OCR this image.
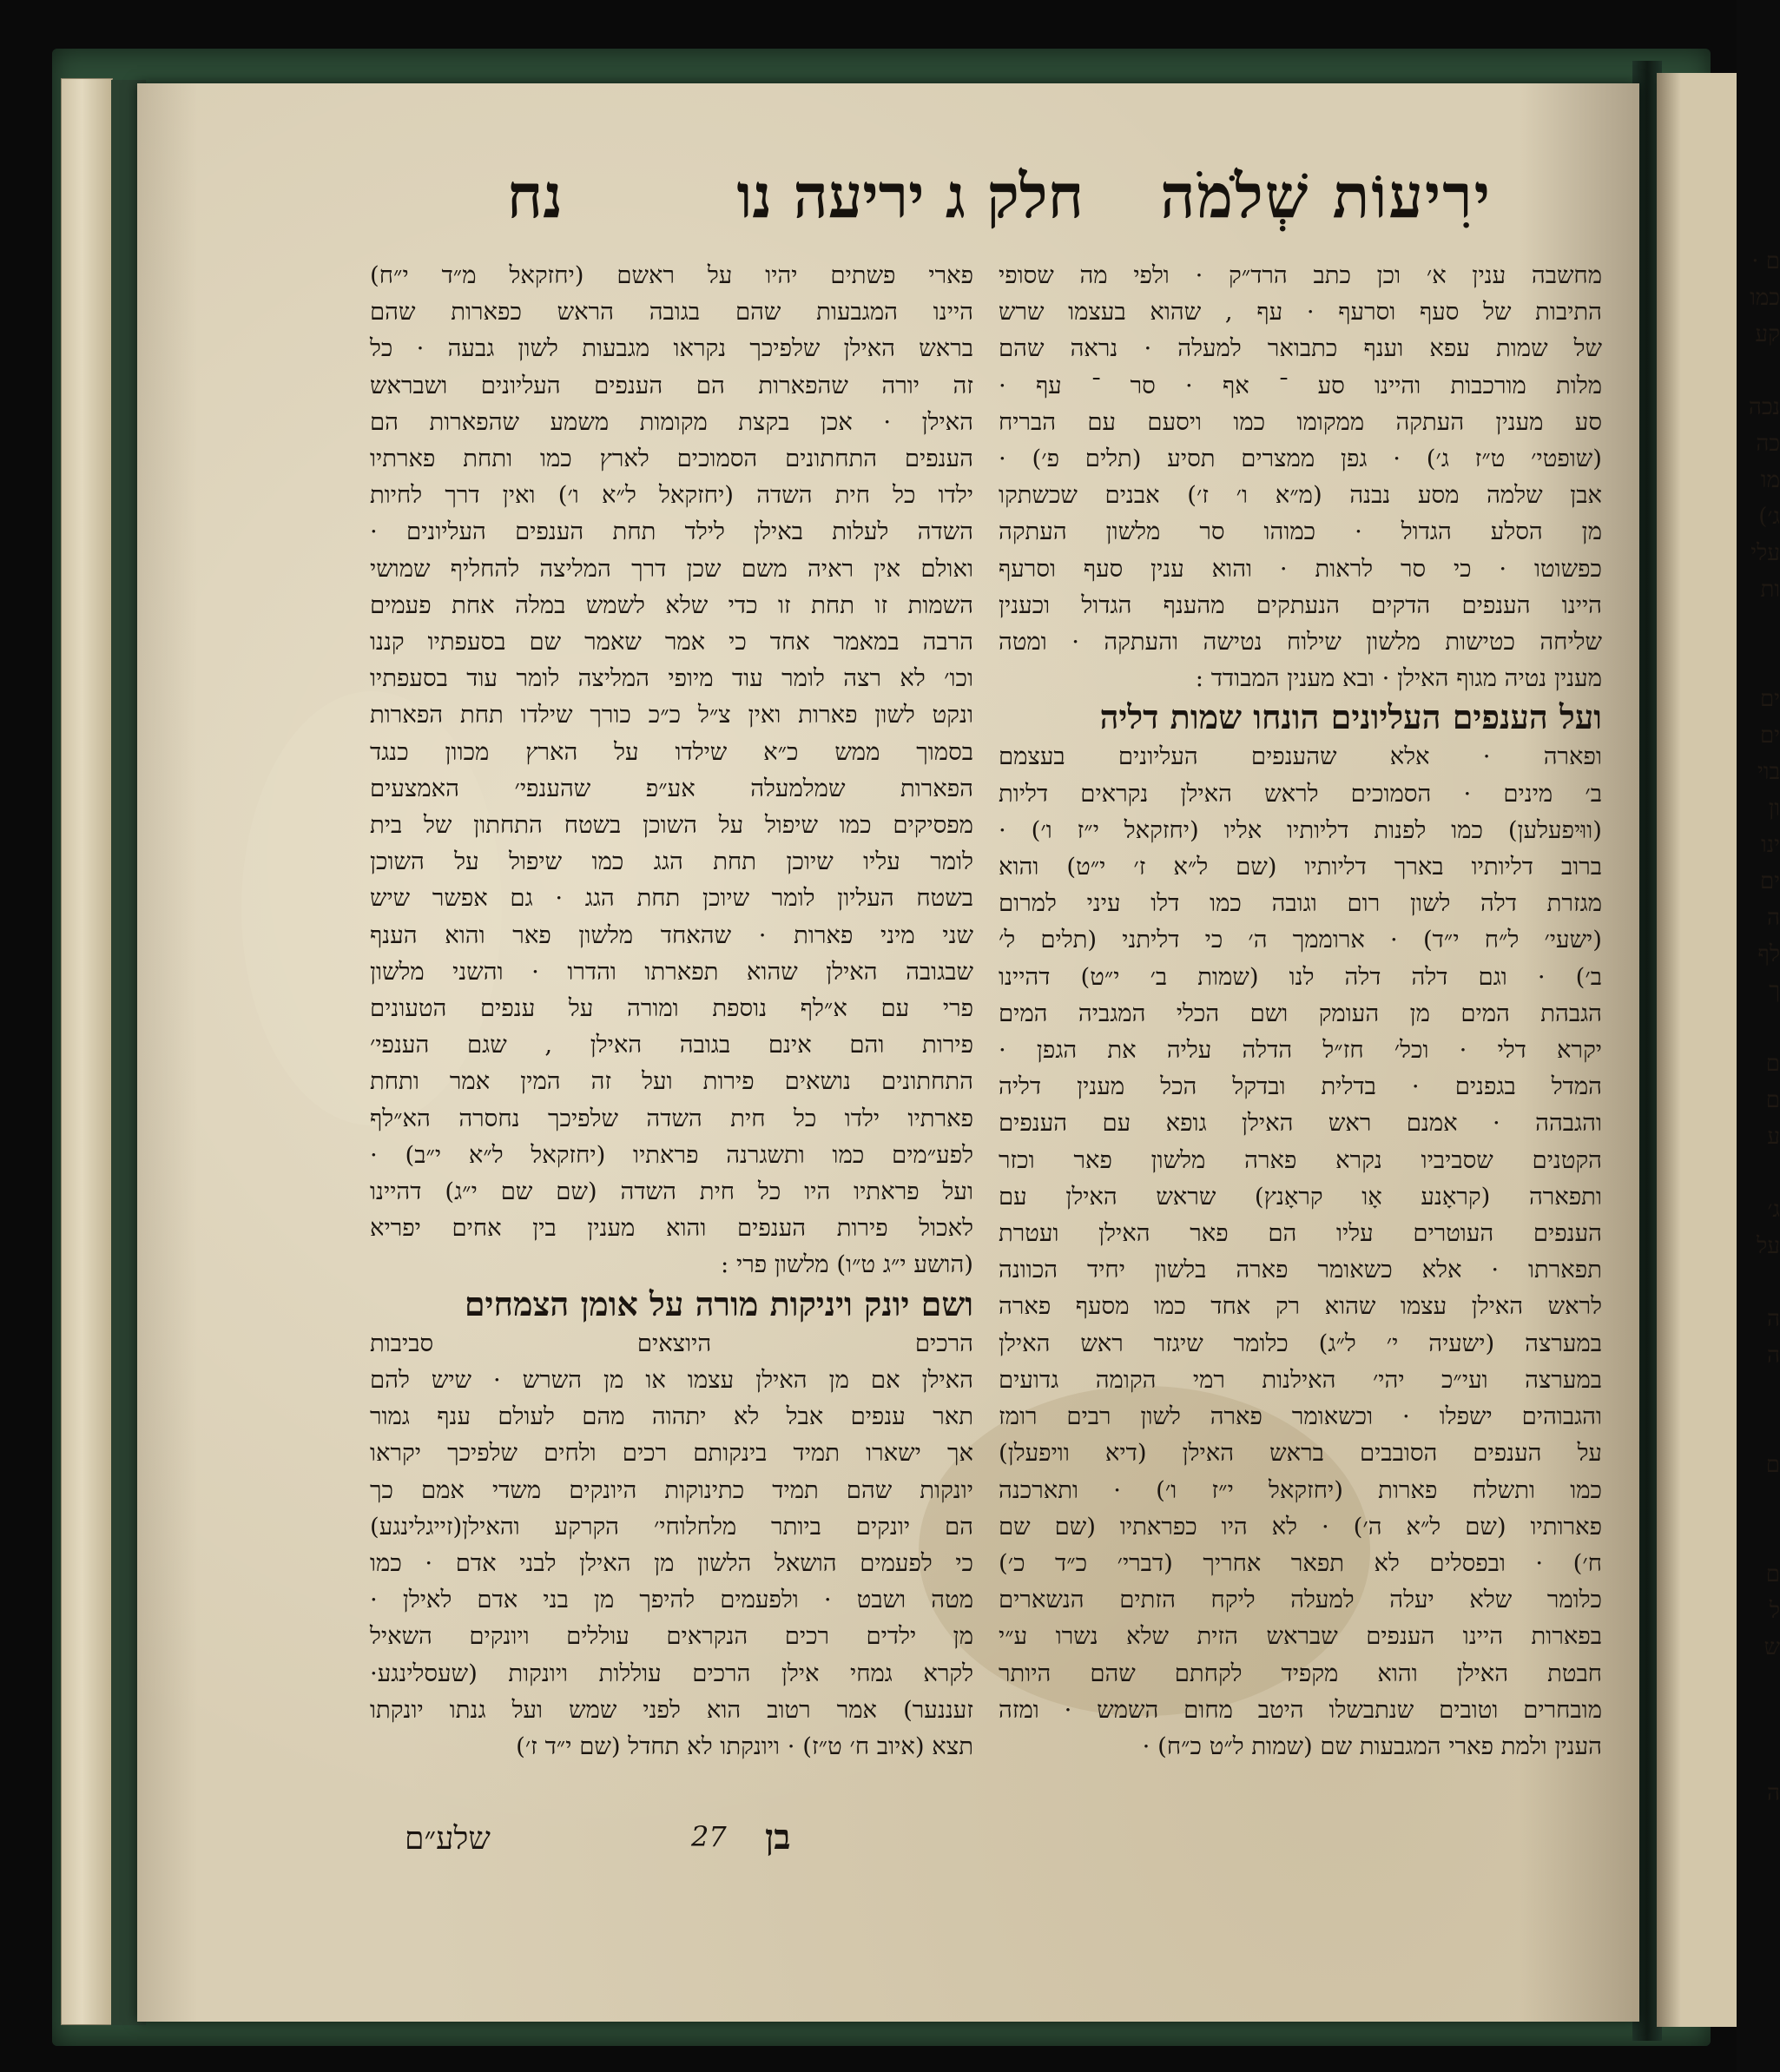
ם ·
כמו
קע

נכה
כה
מו
ג׳)
עלי
ות

ים
ים
בוי
ון
ינו
ים
ה
לף
ך

ם
ם
ע

ג׳
על

ה
ה

ם

ם
ל
ש

ה
ירִיעוֹת שְׁלֹמֹה
חלק ג יריעה נו
נח
מחשבה ענין א׳ וכן כתב הרד״ק · ולפי מה שסופי
התיבות של סעף וסרעף · עף , שהוא בעצמו שרש
של שמות עפא וענף כתבואר למעלה · נראה שהם
מלות מורכבות והיינו סע ־ אף · סר ־ עף ·
סע מענין העתקה ממקומו כמו ויסעם עם הבריח
(שופטי׳ ט״ז ג׳) · גפן ממצרים תסיע (תלים פ׳) ·
אבן שלמה מסע נבנה (מ״א ו׳ ז׳) אבנים שכשתקו
מן הסלע הגדול · כמוהו סר מלשון העתקה
כפשוטו · כי סר לראות · והוא ענין סעף וסרעף
היינו הענפים הדקים הנעתקים מהענף הגדול וכענין
שליחה כטישות מלשון שילוח נטישה והעתקה · ומטה
מענין נטיה מגוף האילן · ובא מענין המבודד :
ועל הענפים העליונים הונחו שמות דליה
ופארה · אלא שהענפים העליונים בעצמם
ב׳ מינים · הסמוכים לראש האילן נקראים דליות
(ווּיפעלען) כמו לפנות דליותיו אליו (יחזקאל י״ז ו׳) ·
ברוב דליותיו בארך דליותיו (שם ל״א ז׳ י״ט) והוא
מגזרת דלה לשון רום וגובה כמו דלו עיני למרום
(ישעי׳ ל״ח י״ד) · ארוממך ה׳ כי דליתני (תלים ל׳
ב׳) · וגם דלה דלה לנו (שמות ב׳ י״ט) דהיינו
הגבהת המים מן העומק ושם הכלי המגביה המים
יקרא דלי · וכל׳ חז״ל הדלה עליה את הגפן ·
המדל בגפנים · בדלית ובדקל הכל מענין דליה
והגבהה · אמנם ראש האילן גופא עם הענפים
הקטנים שסביביו נקרא פארה מלשון פאר וכזר
ותפארה (קראָנע אָו קראָנץ) שראש האילן עם
הענפים העוטרים עליו הם פאר האילן ועטרת
תפארתו · אלא כשאומר פארה בלשון יחיד הכוונה
לראש האילן עצמו שהוא רק אחד כמו מסעף פארה
במערצה (ישעיה י׳ ל״ג) כלומר שיגזר ראש האילן
במערצה ועי״כ יהי׳ האילנות רמי הקומה גדועים
והגבוהים ישפלו · וכשאומר פארה לשון רבים רומז
על הענפים הסובבים בראש האילן (דיא וויפעלן)
כמו ותשלח פארות (יחזקאל י״ז ו׳) · ותארכנה
פארותיו (שם ל״א ה׳) · לא היו כפראתיו (שם שם
ח׳) · ובפסלים לא תפאר אחריך (דברי׳ כ״ד כ׳)
כלומר שלא יעלה למעלה ליקח הזתים הנשארים
בפארות היינו הענפים שבראש הזית שלא נשרו ע״י
חבטת האילן והוא מקפיד לקחתם שהם היותר
מובחרים וטובים שנתבשלו היטב מחום השמש · ומזה
הענין ולמת פארי המגבעות שם (שמות ל״ט כ״ח) ·
פארי פשתים יהיו על ראשם (יחזקאל מ״ד י״ח)
היינו המגבעות שהם בגובה הראש כפארות שהם
בראש האילן שלפיכך נקראו מגבעות לשון גבעה · כל
זה יורה שהפארות הם הענפים העליונים ושבראש
האילן · אכן בקצת מקומות משמע שהפארות הם
הענפים התחתונים הסמוכים לארץ כמו ותחת פארתיו
ילדו כל חית השדה (יחזקאל ל״א ו׳) ואין דרך לחיות
השדה לעלות באילן לילד תחת הענפים העליונים ·
ואולם אין ראיה משם שכן דרך המליצה להחליף שמושי
השמות זו תחת זו כדי שלא לשמש במלה אחת פעמים
הרבה במאמר אחד כי אמר שאמר שם בסעפתיו קננו
וכו׳ לא רצה לומר עוד מיופי המליצה לומר עוד בסעפתיו
ונקט לשון פארות ואין צ״ל כ״כ כורך שילדו תחת הפארות
בסמוך ממש כ״א שילדו על הארץ מכוון כנגד
הפארות שמלמעלה אע״פ שהענפי׳ האמצעים
מפסיקים כמו שיפול על השוכן בשטח התחתון של בית
לומר עליו שיוכן תחת הגג כמו שיפול על השוכן
בשטח העליון לומר שיוכן תחת הגג · גם אפשר שיש
שני מיני פארות · שהאחד מלשון פאר והוא הענף
שבגובה האילן שהוא תפארתו והדרו · והשני מלשון
פרי עם א״לף נוספת ומורה על ענפים הטעונים
פירות והם אינם בגובה האילן , שגם הענפי׳
התחתונים נושאים פירות ועל זה המין אמר ותחת
פארתיו ילדו כל חית השדה שלפיכך נחסרה הא״לף
לפע״מים כמו ותשגרנה פראתיו (יחזקאל ל״א י״ב) ·
ועל פראתיו היו כל חית השדה (שם שם י״ג) דהיינו
לאכול פירות הענפים והוא מענין בין אחים יפריא
(הושע י״ג ט״ו) מלשון פרי :
ושם יונק ויניקות מורה על אומן הצמחים
הרכים היוצאים סביבות
האילן אם מן האילן עצמו או מן השרש · שיש להם
תאר ענפים אבל לא יתהוה מהם לעולם ענף גמור
אך ישארו תמיד בינקותם רכים ולחים שלפיכך יקראו
יונקות שהם תמיד כתינוקות היונקים משדי אמם כך
הם יונקים ביותר מלחלוחי׳ הקרקע והאילן(זייגלינגע)
כי לפעמים הושאל הלשון מן האילן לבני אדם · כמו
מטה ושבט · ולפעמים להיפך מן בני אדם לאילן ·
מן ילדים רכים הנקראים עוללים ויונקים השאיל
לקרא גמחי אילן הרכים עוללות ויונקות (שעסלינגע·
זעננער) אמר רטוב הוא לפני שמש ועל גנתו יונקתו
תצא (איוב ח׳ ט״ז) · ויונקתו לא תחדל (שם י״ד ז׳)
שלע״ם	27 בן
